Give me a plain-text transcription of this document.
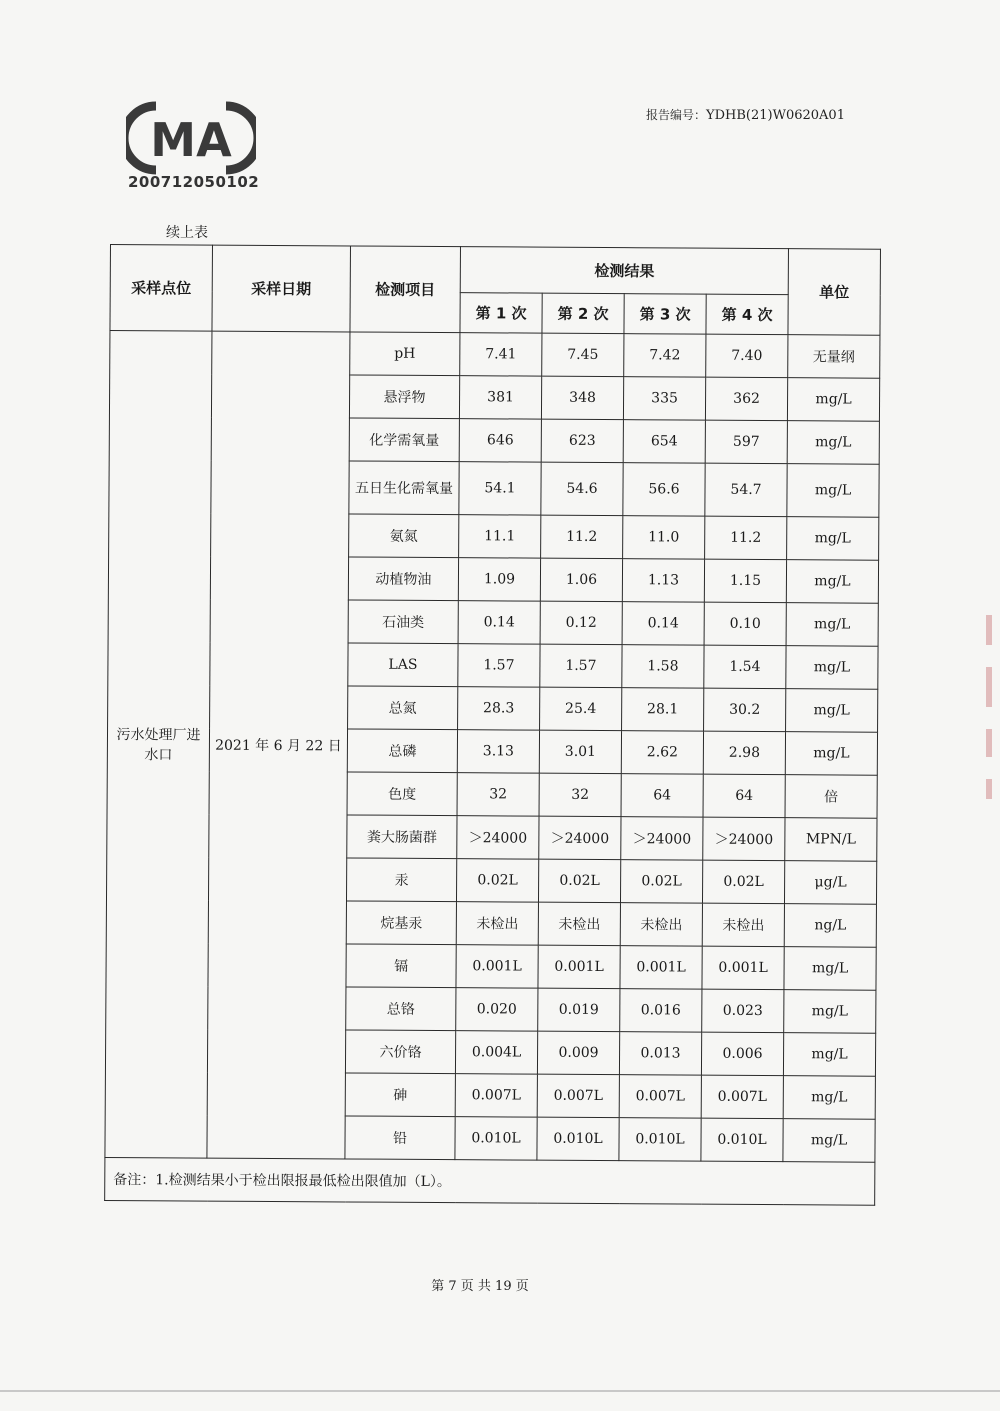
MA
200712050102
报告编号：YDHB(21)W0620A01
续上表
采样点位	采样日期	检测项目	检测结果				单位
			第 1 次	第 2 次	第 3 次	第 4 次	
污水处理厂进水口	2021 年 6 月 22 日	pH	7.41	7.45	7.42	7.40	无量纲
		悬浮物	381	348	335	362	mg/L
		化学需氧量	646	623	654	597	mg/L
		五日生化需氧量	54.1	54.6	56.6	54.7	mg/L
		氨氮	11.1	11.2	11.0	11.2	mg/L
		动植物油	1.09	1.06	1.13	1.15	mg/L
		石油类	0.14	0.12	0.14	0.10	mg/L
		LAS	1.57	1.57	1.58	1.54	mg/L
		总氮	28.3	25.4	28.1	30.2	mg/L
		总磷	3.13	3.01	2.62	2.98	mg/L
		色度	32	32	64	64	倍
		粪大肠菌群	＞24000	＞24000	＞24000	＞24000	MPN/L
		汞	0.02L	0.02L	0.02L	0.02L	μg/L
		烷基汞	未检出	未检出	未检出	未检出	ng/L
		镉	0.001L	0.001L	0.001L	0.001L	mg/L
		总铬	0.020	0.019	0.016	0.023	mg/L
		六价铬	0.004L	0.009	0.013	0.006	mg/L
		砷	0.007L	0.007L	0.007L	0.007L	mg/L
		铅	0.010L	0.010L	0.010L	0.010L	mg/L
备注：1.检测结果小于检出限报最低检出限值加（L）。							
第 7 页 共 19 页
